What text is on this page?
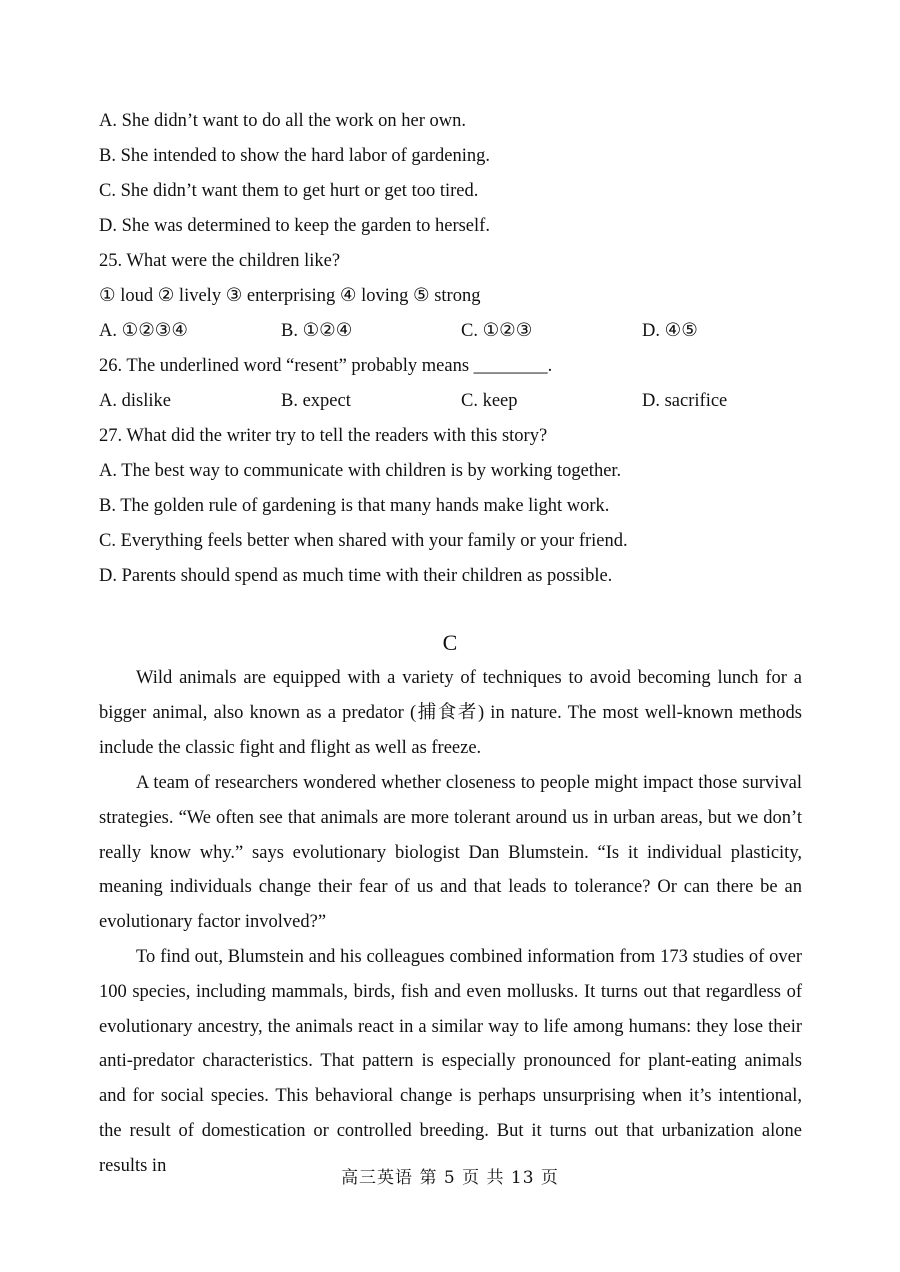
A. She didn’t want to do all the work on her own.
B. She intended to show the hard labor of gardening.
C. She didn’t want them to get hurt or get too tired.
D. She was determined to keep the garden to herself.
25. What were the children like?
① loud ② lively ③ enterprising ④ loving ⑤ strong
A. ①②③④	B. ①②④	C. ①②③	D. ④⑤
26. The underlined word “resent” probably means ________.
A. dislike	B. expect	C. keep	D. sacrifice
27. What did the writer try to tell the readers with this story?
A. The best way to communicate with children is by working together.
B. The golden rule of gardening is that many hands make light work.
C. Everything feels better when shared with your family or your friend.
D. Parents should spend as much time with their children as possible.
C
Wild animals are equipped with a variety of techniques to avoid becoming lunch for a bigger animal, also known as a predator (捕食者) in nature. The most well-known methods include the classic fight and flight as well as freeze.
A team of researchers wondered whether closeness to people might impact those survival strategies. “We often see that animals are more tolerant around us in urban areas, but we don’t really know why.” says evolutionary biologist Dan Blumstein. “Is it individual plasticity, meaning individuals change their fear of us and that leads to tolerance? Or can there be an evolutionary factor involved?”
To find out, Blumstein and his colleagues combined information from 173 studies of over 100 species, including mammals, birds, fish and even mollusks. It turns out that regardless of evolutionary ancestry, the animals react in a similar way to life among humans: they lose their anti-predator characteristics. That pattern is especially pronounced for plant-eating animals and for social species. This behavioral change is perhaps unsurprising when it’s intentional, the result of domestication or controlled breeding. But it turns out that urbanization alone results in
高三英语 第 5 页 共 13 页
